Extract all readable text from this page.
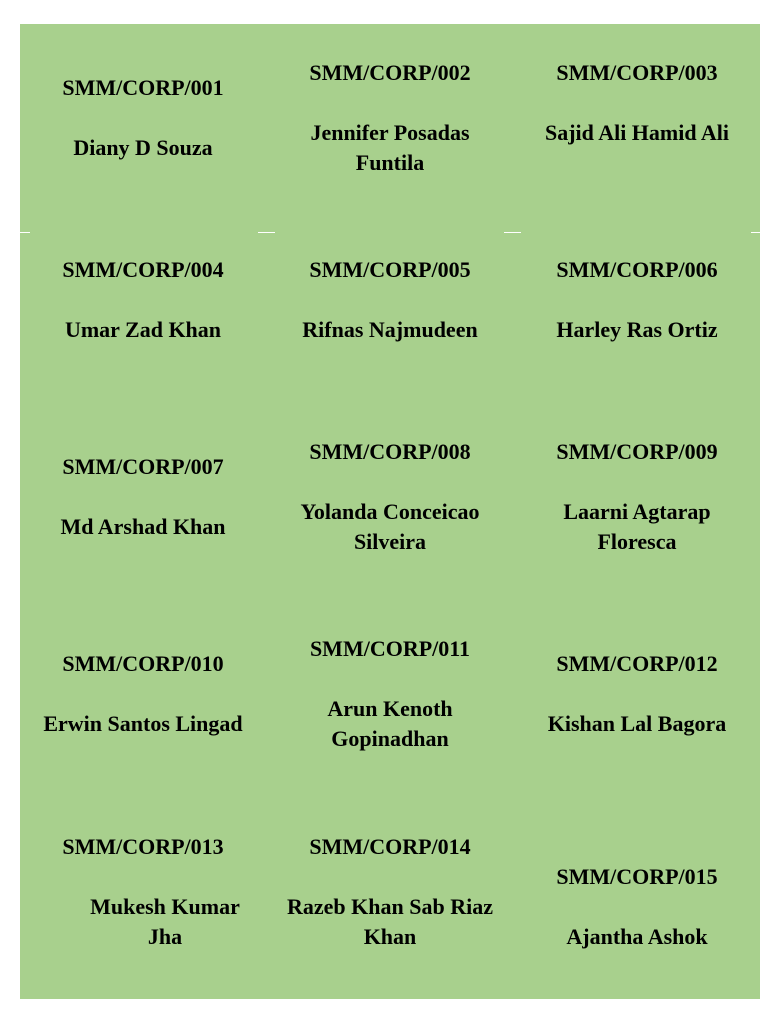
SMM/CORP/001

Diany D Souza

SMM/CORP/002

Jennifer Posadas
Funtila

SMM/CORP/003

Sajid Ali Hamid Ali

SMM/CORP/004

Umar Zad Khan

SMM/CORP/005

Rifnas Najmudeen

SMM/CORP/006

Harley Ras Ortiz

SMM/CORP/007

Md Arshad Khan

SMM/CORP/008

Yolanda Conceicao
Silveira

SMM/CORP/009

Laarni Agtarap
Floresca

SMM/CORP/010

Erwin Santos Lingad

SMM/CORP/011

Arun Kenoth
Gopinadhan

SMM/CORP/012

Kishan Lal Bagora

SMM/CORP/013

Mukesh Kumar
Jha

SMM/CORP/014

Razeb Khan Sab Riaz
Khan

SMM/CORP/015

Ajantha Ashok
